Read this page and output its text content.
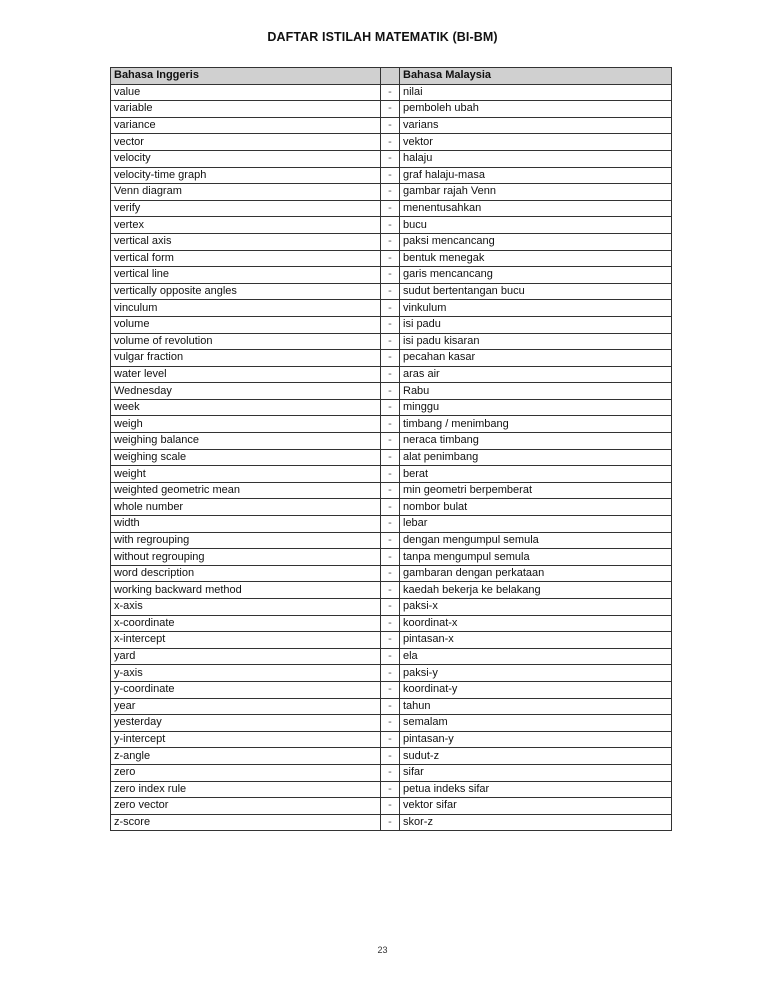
DAFTAR ISTILAH MATEMATIK (BI-BM)
Bahasa Inggeris		Bahasa Malaysia
value	-	nilai
variable	-	pemboleh ubah
variance	-	varians
vector	-	vektor
velocity	-	halaju
velocity-time graph	-	graf halaju-masa
Venn diagram	-	gambar rajah Venn
verify	-	menentusahkan
vertex	-	bucu
vertical axis	-	paksi mencancang
vertical form	-	bentuk menegak
vertical line	-	garis mencancang
vertically opposite angles	-	sudut bertentangan bucu
vinculum	-	vinkulum
volume	-	isi padu
volume of revolution	-	isi padu kisaran
vulgar fraction	-	pecahan kasar
water level	-	aras air
Wednesday	-	Rabu
week	-	minggu
weigh	-	timbang / menimbang
weighing balance	-	neraca timbang
weighing scale	-	alat penimbang
weight	-	berat
weighted geometric mean	-	min geometri berpemberat
whole number	-	nombor bulat
width	-	lebar
with regrouping	-	dengan mengumpul semula
without regrouping	-	tanpa mengumpul semula
word description	-	gambaran dengan perkataan
working backward method	-	kaedah bekerja ke belakang
x-axis	-	paksi-x
x-coordinate	-	koordinat-x
x-intercept	-	pintasan-x
yard	-	ela
y-axis	-	paksi-y
y-coordinate	-	koordinat-y
year	-	tahun
yesterday	-	semalam
y-intercept	-	pintasan-y
z-angle	-	sudut-z
zero	-	sifar
zero index rule	-	petua indeks sifar
zero vector	-	vektor sifar
z-score	-	skor-z
23
